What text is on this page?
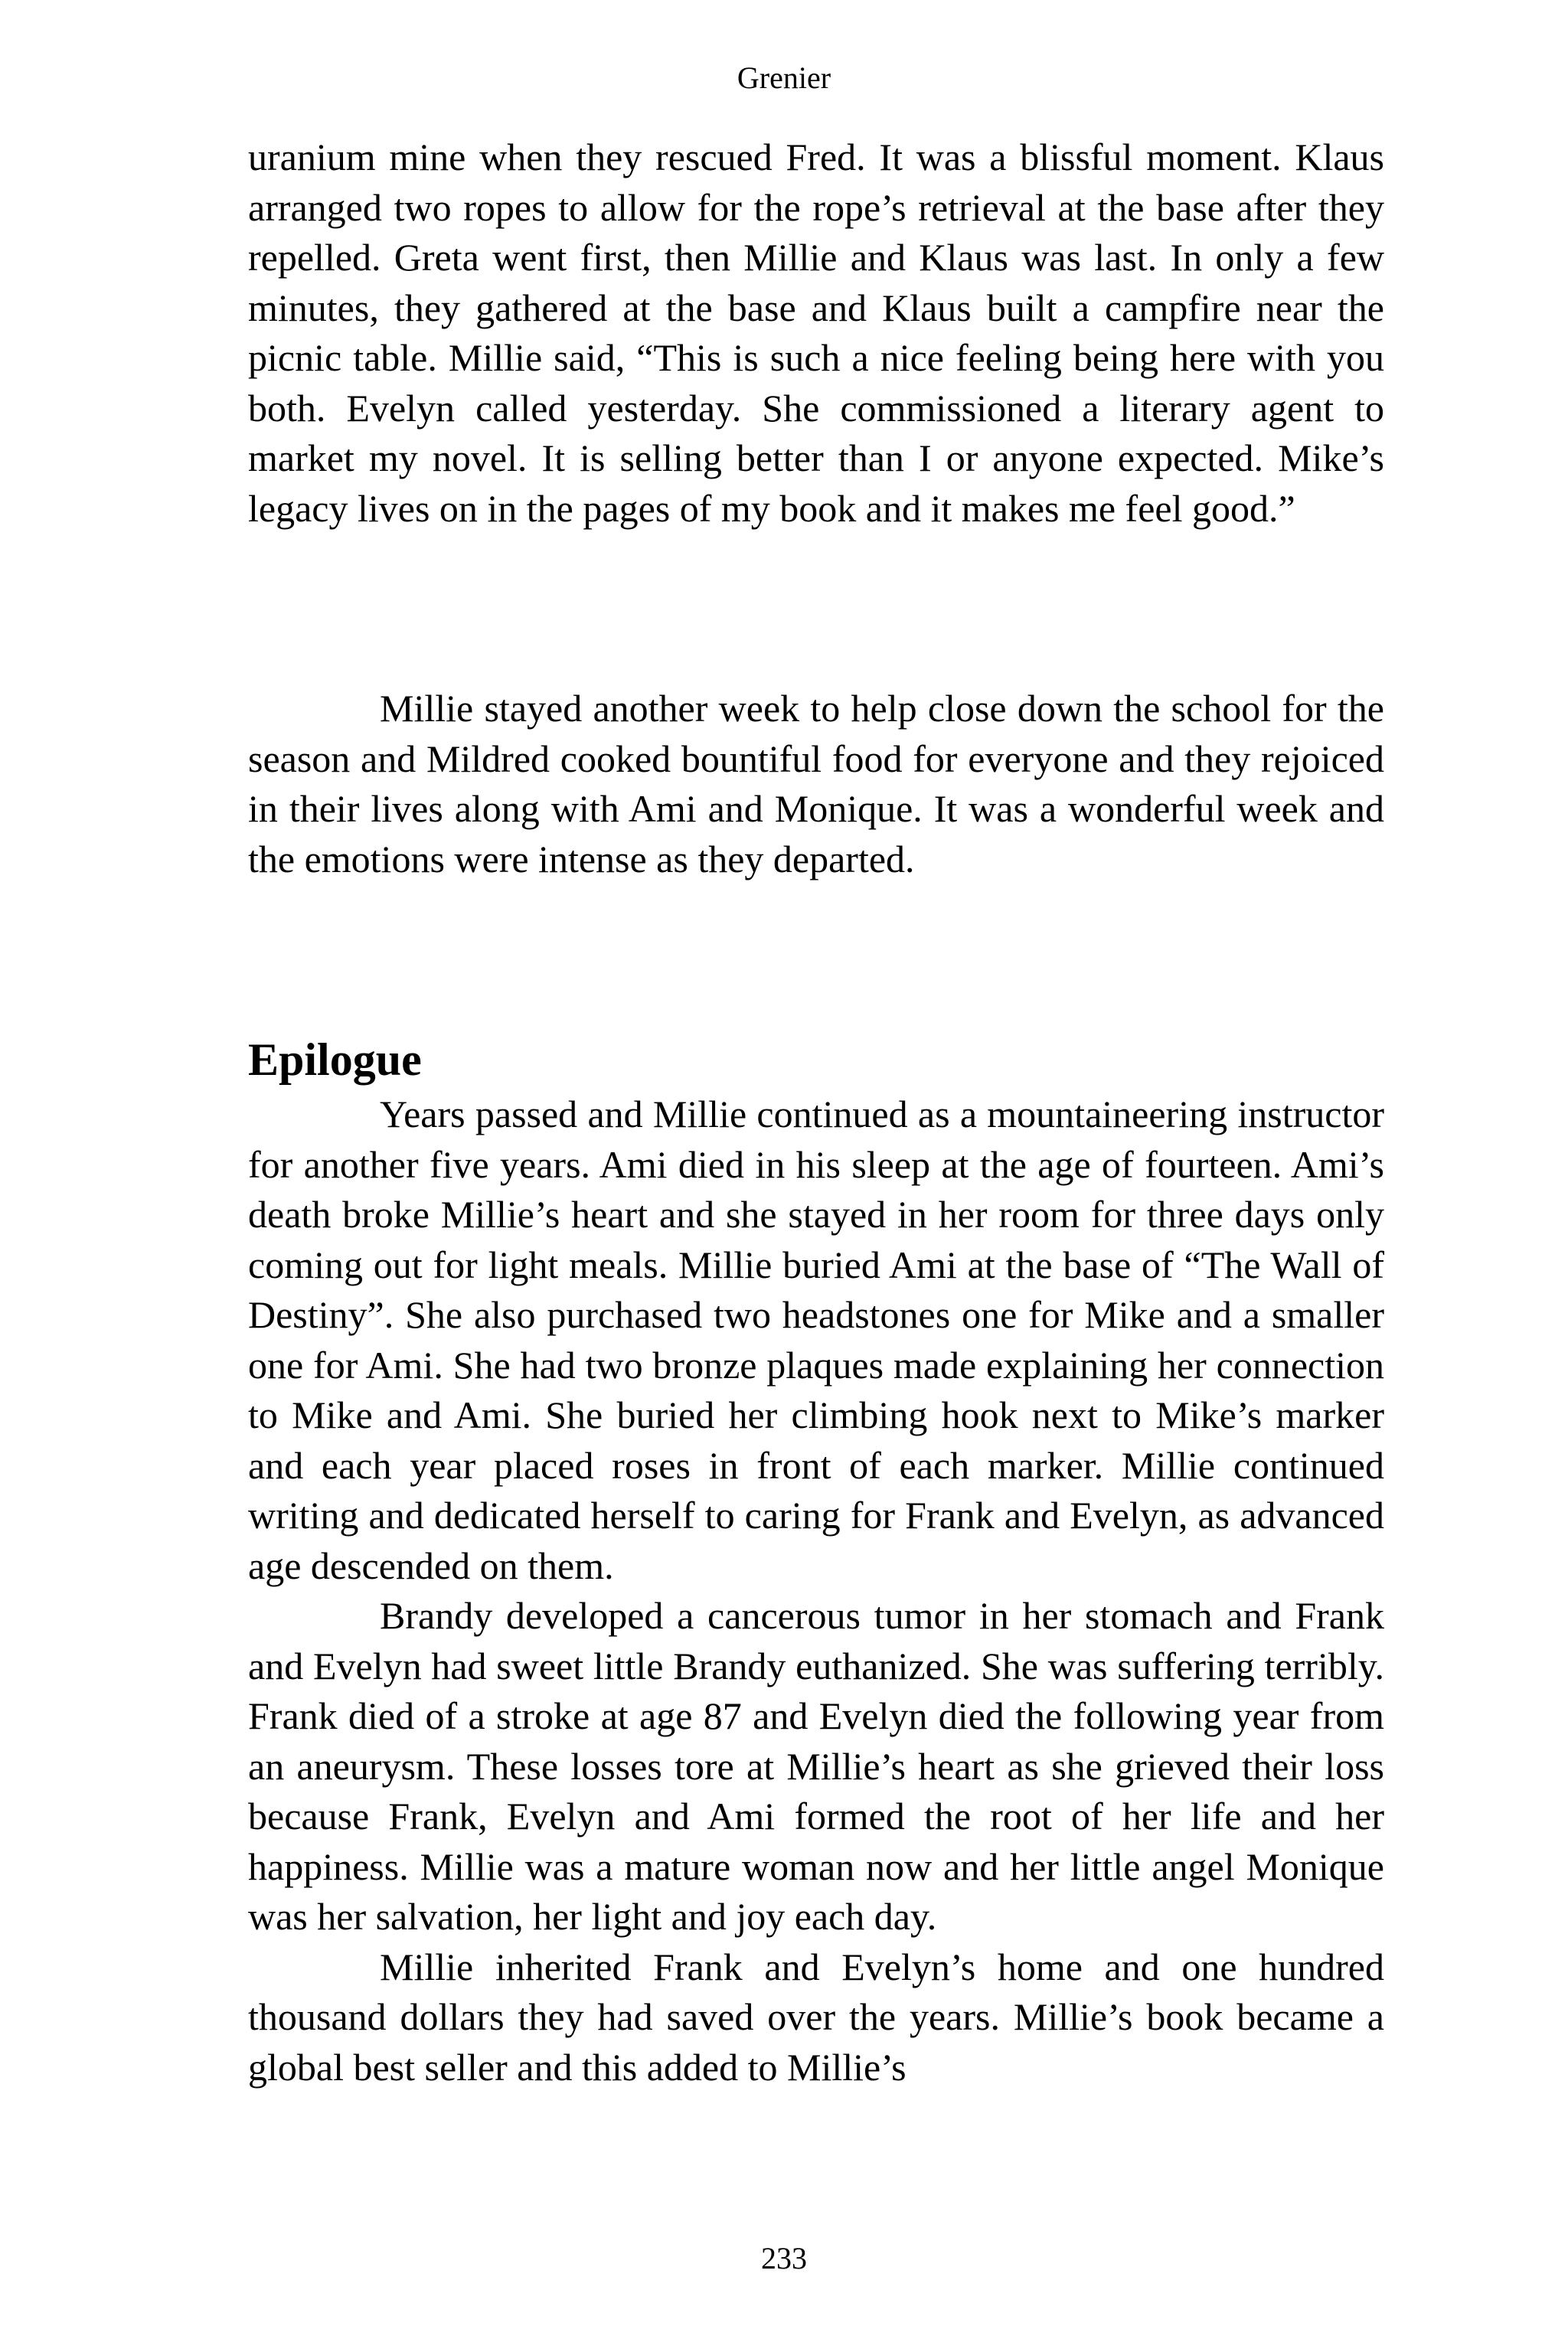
Grenier

uranium mine when they rescued Fred. It was a blissful moment. Klaus arranged two ropes to allow for the rope’s retrieval at the base after they repelled. Greta went first, then Millie and Klaus was last. In only a few minutes, they gathered at the base and Klaus built a campfire near the picnic table. Millie said, “This is such a nice feeling being here with you both. Evelyn called yesterday. She commissioned a literary agent to market my novel. It is selling better than I or anyone expected. Mike’s legacy lives on in the pages of my book and it makes me feel good.”

Millie stayed another week to help close down the school for the season and Mildred cooked bountiful food for everyone and they rejoiced in their lives along with Ami and Monique. It was a wonderful week and the emotions were intense as they departed.

Epilogue

Years passed and Millie continued as a mountaineering instructor for another five years. Ami died in his sleep at the age of fourteen. Ami’s death broke Millie’s heart and she stayed in her room for three days only coming out for light meals. Millie buried Ami at the base of “The Wall of Destiny”. She also purchased two headstones one for Mike and a smaller one for Ami. She had two bronze plaques made explaining her connection to Mike and Ami. She buried her climbing hook next to Mike’s marker and each year placed roses in front of each marker. Millie continued writing and dedicated herself to caring for Frank and Evelyn, as advanced age descended on them.

Brandy developed a cancerous tumor in her stomach and Frank and Evelyn had sweet little Brandy euthanized. She was suffering terribly. Frank died of a stroke at age 87 and Evelyn died the following year from an aneurysm. These losses tore at Millie’s heart as she grieved their loss because Frank, Evelyn and Ami formed the root of her life and her happiness. Millie was a mature woman now and her little angel Monique was her salvation, her light and joy each day.

Millie inherited Frank and Evelyn’s home and one hundred thousand dollars they had saved over the years. Millie’s book became a global best seller and this added to Millie’s

233
